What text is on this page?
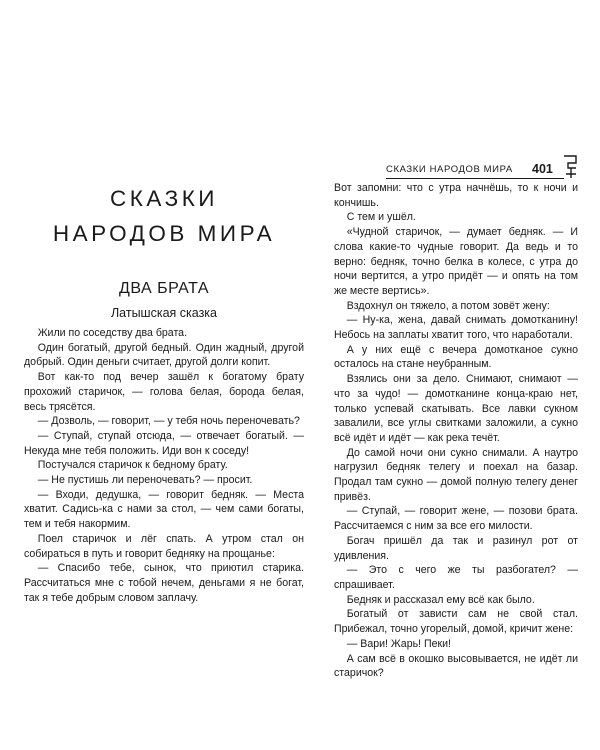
СКАЗКИ НАРОДОВ МИРА	401
СКАЗКИ
НАРОДОВ МИРА
ДВА БРАТА
Латышская сказка

Жили по соседству два брата.

Один богатый, другой бедный. Один жадный, другой добрый. Один деньги считает, другой долги копит.

Вот как-то под вечер зашёл к богатому брату прохожий старичок, — голова белая, борода белая, весь трясётся.

— Дозволь, — говорит, — у тебя ночь переночевать?

— Ступай, ступай отсюда, — отвечает богатый. — Некуда мне тебя положить. Иди вон к соседу!

Постучался старичок к бедному брату.

— Не пустишь ли переночевать? — просит.

— Входи, дедушка, — говорит бедняк. — Места хватит. Садись-ка с нами за стол, — чем сами богаты, тем и тебя накормим.

Поел старичок и лёг спать. А утром стал он собираться в путь и говорит бедняку на прощанье:

— Спасибо тебе, сынок, что приютил старика. Рассчитаться мне с тобой нечем, деньгами я не богат, так я тебе добрым словом заплачу.

Вот запомни: что с утра начнёшь, то к ночи и кончишь.

С тем и ушёл.

«Чудной старичок, — думает бедняк. — И слова какие-то чудные говорит. Да ведь и то верно: бедняк, точно белка в колесе, с утра до ночи вертится, а утро придёт — и опять на том же месте вертись».

Вздохнул он тяжело, а потом зовёт жену:

— Ну-ка, жена, давай снимать домотканину! Небось на заплаты хватит того, что наработали.

А у них ещё с вечера домотканое сукно осталось на стане неубранным.

Взялись они за дело. Снимают, снимают — что за чудо! — домотканине конца-краю нет, только успевай скатывать. Все лавки сукном завалили, все углы свитками заложили, а сукно всё идёт и идёт — как река течёт.

До самой ночи они сукно снимали. А наутро нагрузил бедняк телегу и поехал на базар. Продал там сукно — домой полную телегу денег привёз.

— Ступай, — говорит жене, — позови брата. Рассчитаемся с ним за все его милости.

Богач пришёл да так и разинул рот от удивления.

— Это с чего же ты разбогател? — спрашивает.

Бедняк и рассказал ему всё как было.

Богатый от зависти сам не свой стал. Прибежал, точно угорелый, домой, кричит жене:

— Вари! Жарь! Пеки!

А сам всё в окошко высовывается, не идёт ли старичок?
